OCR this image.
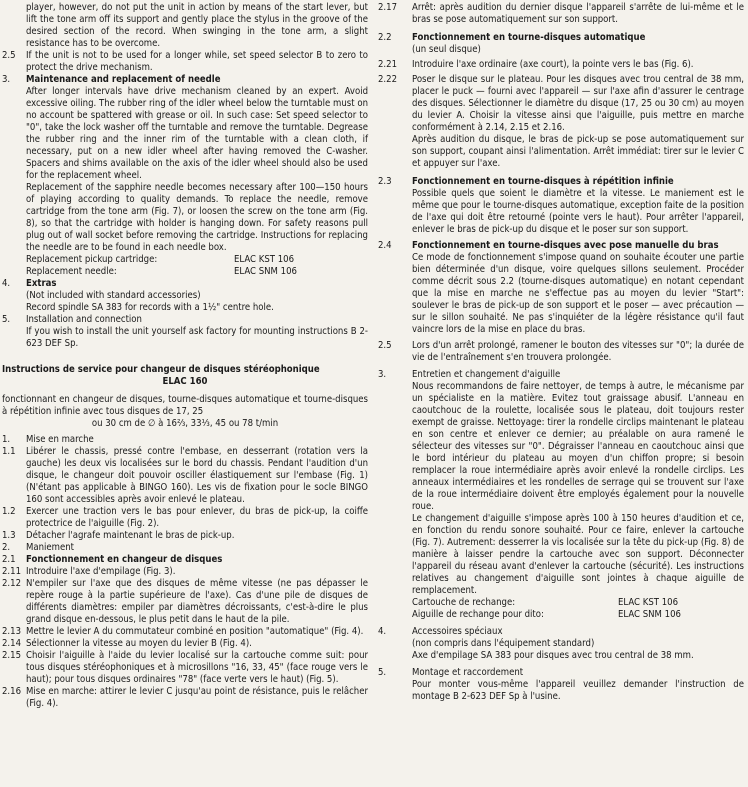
player, however, do not put the unit in action by means of the start lever, but lift the tone arm off its support and gently place the stylus in the groove of the desired section of the record. When swinging in the tone arm, a slight resistance has to be overcome.
2.5 If the unit is not to be used for a longer while, set speed selector B to zero to protect the drive mechanism.
3. Maintenance and replacement of needle
After longer intervals have drive mechanism cleaned by an expert. Avoid excessive oiling. The rubber ring of the idler wheel below the turntable must on no account be spattered with grease or oil. In such case: Set speed selector to "0", take the lock washer off the turntable and remove the turntable. Degrease the rubber ring and the inner rim of the turntable with a clean cloth, if necessary, put on a new idler wheel after having removed the C-washer. Spacers and shims available on the axis of the idler wheel should also be used for the replacement wheel.
Replacement of the sapphire needle becomes necessary after 100—150 hours of playing according to quality demands. To replace the needle, remove cartridge from the tone arm (Fig. 7), or loosen the screw on the tone arm (Fig. 8), so that the cartridge with holder is hanging down. For safety reasons pull plug out of wall socket before removing the cartridge. Instructions for replacing the needle are to be found in each needle box.
Replacement pickup cartridge:	ELAC KST 106
Replacement needle:	ELAC SNM 106
4. Extras
(Not included with standard accessories)
Record spindle SA 383 for records with a 1½" centre hole.
5. Installation and connection
If you wish to install the unit yourself ask factory for mounting instructions B 2-623 DEF Sp.
Instructions de service pour changeur de disques stéréophonique
ELAC 160
fonctionnant en changeur de disques, tourne-disques automatique et tourne-disques à répétition infinie avec tous disques de 17, 25
ou 30 cm de ∅ à 16⅔, 33⅓, 45 ou 78 t/min
1. Mise en marche
1.1 Libérer le chassis, pressé contre l'embase, en desserrant (rotation vers la gauche) les deux vis localisées sur le bord du chassis. Pendant l'audition d'un disque, le changeur doit pouvoir osciller élastiquement sur l'embase (Fig. 1) (N'étant pas applicable à BINGO 160). Les vis de fixation pour le socle BINGO 160 sont accessibles après avoir enlevé le plateau.
1.2 Exercer une traction vers le bas pour enlever, du bras de pick-up, la coiffe protectrice de l'aiguille (Fig. 2).
1.3 Détacher l'agrafe maintenant le bras de pick-up.
2. Maniement
2.1 Fonctionnement en changeur de disques
2.11 Introduire l'axe d'empilage (Fig. 3).
2.12 N'empiler sur l'axe que des disques de même vitesse (ne pas dépasser le repère rouge à la partie supérieure de l'axe). Cas d'une pile de disques de différents diamètres: empiler par diamètres décroissants, c'est-à-dire le plus grand disque en-dessous, le plus petit dans le haut de la pile.
2.13 Mettre le levier A du commutateur combiné en position "automatique" (Fig. 4).
2.14 Sélectionner la vitesse au moyen du levier B (Fig. 4).
2.15 Choisir l'aiguille à l'aide du levier localisé sur la cartouche comme suit: pour tous disques stéréophoniques et à microsillons "16, 33, 45" (face rouge vers le haut); pour tous disques ordinaires "78" (face verte vers le haut) (Fig. 5).
2.16 Mise en marche: attirer le levier C jusqu'au point de résistance, puis le relâcher (Fig. 4).
2.17 Arrêt: après audition du dernier disque l'appareil s'arrête de lui-même et le bras se pose automatiquement sur son support.
2.2 Fonctionnement en tourne-disques automatique
(un seul disque)
2.21 Introduire l'axe ordinaire (axe court), la pointe vers le bas (Fig. 6).
2.22 Poser le disque sur le plateau. Pour les disques avec trou central de 38 mm, placer le puck — fourni avec l'appareil — sur l'axe afin d'assurer le centrage des disques. Sélectionner le diamètre du disque (17, 25 ou 30 cm) au moyen du levier A. Choisir la vitesse ainsi que l'aiguille, puis mettre en marche conformément à 2.14, 2.15 et 2.16.
Après audition du disque, le bras de pick-up se pose automatiquement sur son support, coupant ainsi l'alimentation. Arrêt immédiat: tirer sur le levier C et appuyer sur l'axe.
2.3 Fonctionnement en tourne-disques à répétition infinie
Possible quels que soient le diamètre et la vitesse. Le maniement est le même que pour le tourne-disques automatique, exception faite de la position de l'axe qui doit être retourné (pointe vers le haut). Pour arrêter l'appareil, enlever le bras de pick-up du disque et le poser sur son support.
2.4 Fonctionnement en tourne-disques avec pose manuelle du bras
Ce mode de fonctionnement s'impose quand on souhaite écouter une partie bien déterminée d'un disque, voire quelques sillons seulement. Procéder comme décrit sous 2.2 (tourne-disques automatique) en notant cependant que la mise en marche ne s'effectue pas au moyen du levier "Start": soulever le bras de pick-up de son support et le poser — avec précaution — sur le sillon souhaité. Ne pas s'inquiéter de la légère résistance qu'il faut vaincre lors de la mise en place du bras.
2.5 Lors d'un arrêt prolongé, ramener le bouton des vitesses sur "0"; la durée de vie de l'entraînement s'en trouvera prolongée.
3.	Entretien et changement d'aiguille
Nous recommandons de faire nettoyer, de temps à autre, le mécanisme par un spécialiste en la matière. Evitez tout graissage abusif. L'anneau en caoutchouc de la roulette, localisée sous le plateau, doit toujours rester exempt de graisse. Nettoyage: tirer la rondelle circlips maintenant le plateau en son centre et enlever ce dernier; au préalable on aura ramené le sélecteur des vitesses sur "0". Dégraisser l'anneau en caoutchouc ainsi que le bord intérieur du plateau au moyen d'un chiffon propre; si besoin remplacer la roue intermédiaire après avoir enlevé la rondelle circlips. Les anneaux intermédiaires et les rondelles de serrage qui se trouvent sur l'axe de la roue intermédiaire doivent être employés également pour la nouvelle roue.
Le changement d'aiguille s'impose après 100 à 150 heures d'audition et ce, en fonction du rendu sonore souhaité. Pour ce faire, enlever la cartouche (Fig. 7). Autrement: desserrer la vis localisée sur la tête du pick-up (Fig. 8) de manière à laisser pendre la cartouche avec son support. Déconnecter l'appareil du réseau avant d'enlever la cartouche (sécurité). Les instructions relatives au changement d'aiguille sont jointes à chaque aiguille de remplacement.
Cartouche de rechange:	ELAC KST 106
Aiguille de rechange pour dito:	ELAC SNM 106
4.	Accessoires spéciaux
(non compris dans l'équipement standard)
Axe d'empilage SA 383 pour disques avec trou central de 38 mm.
5.	Montage et raccordement
Pour monter vous-même l'appareil veuillez demander l'instruction de montage B 2-623 DEF Sp à l'usine.
